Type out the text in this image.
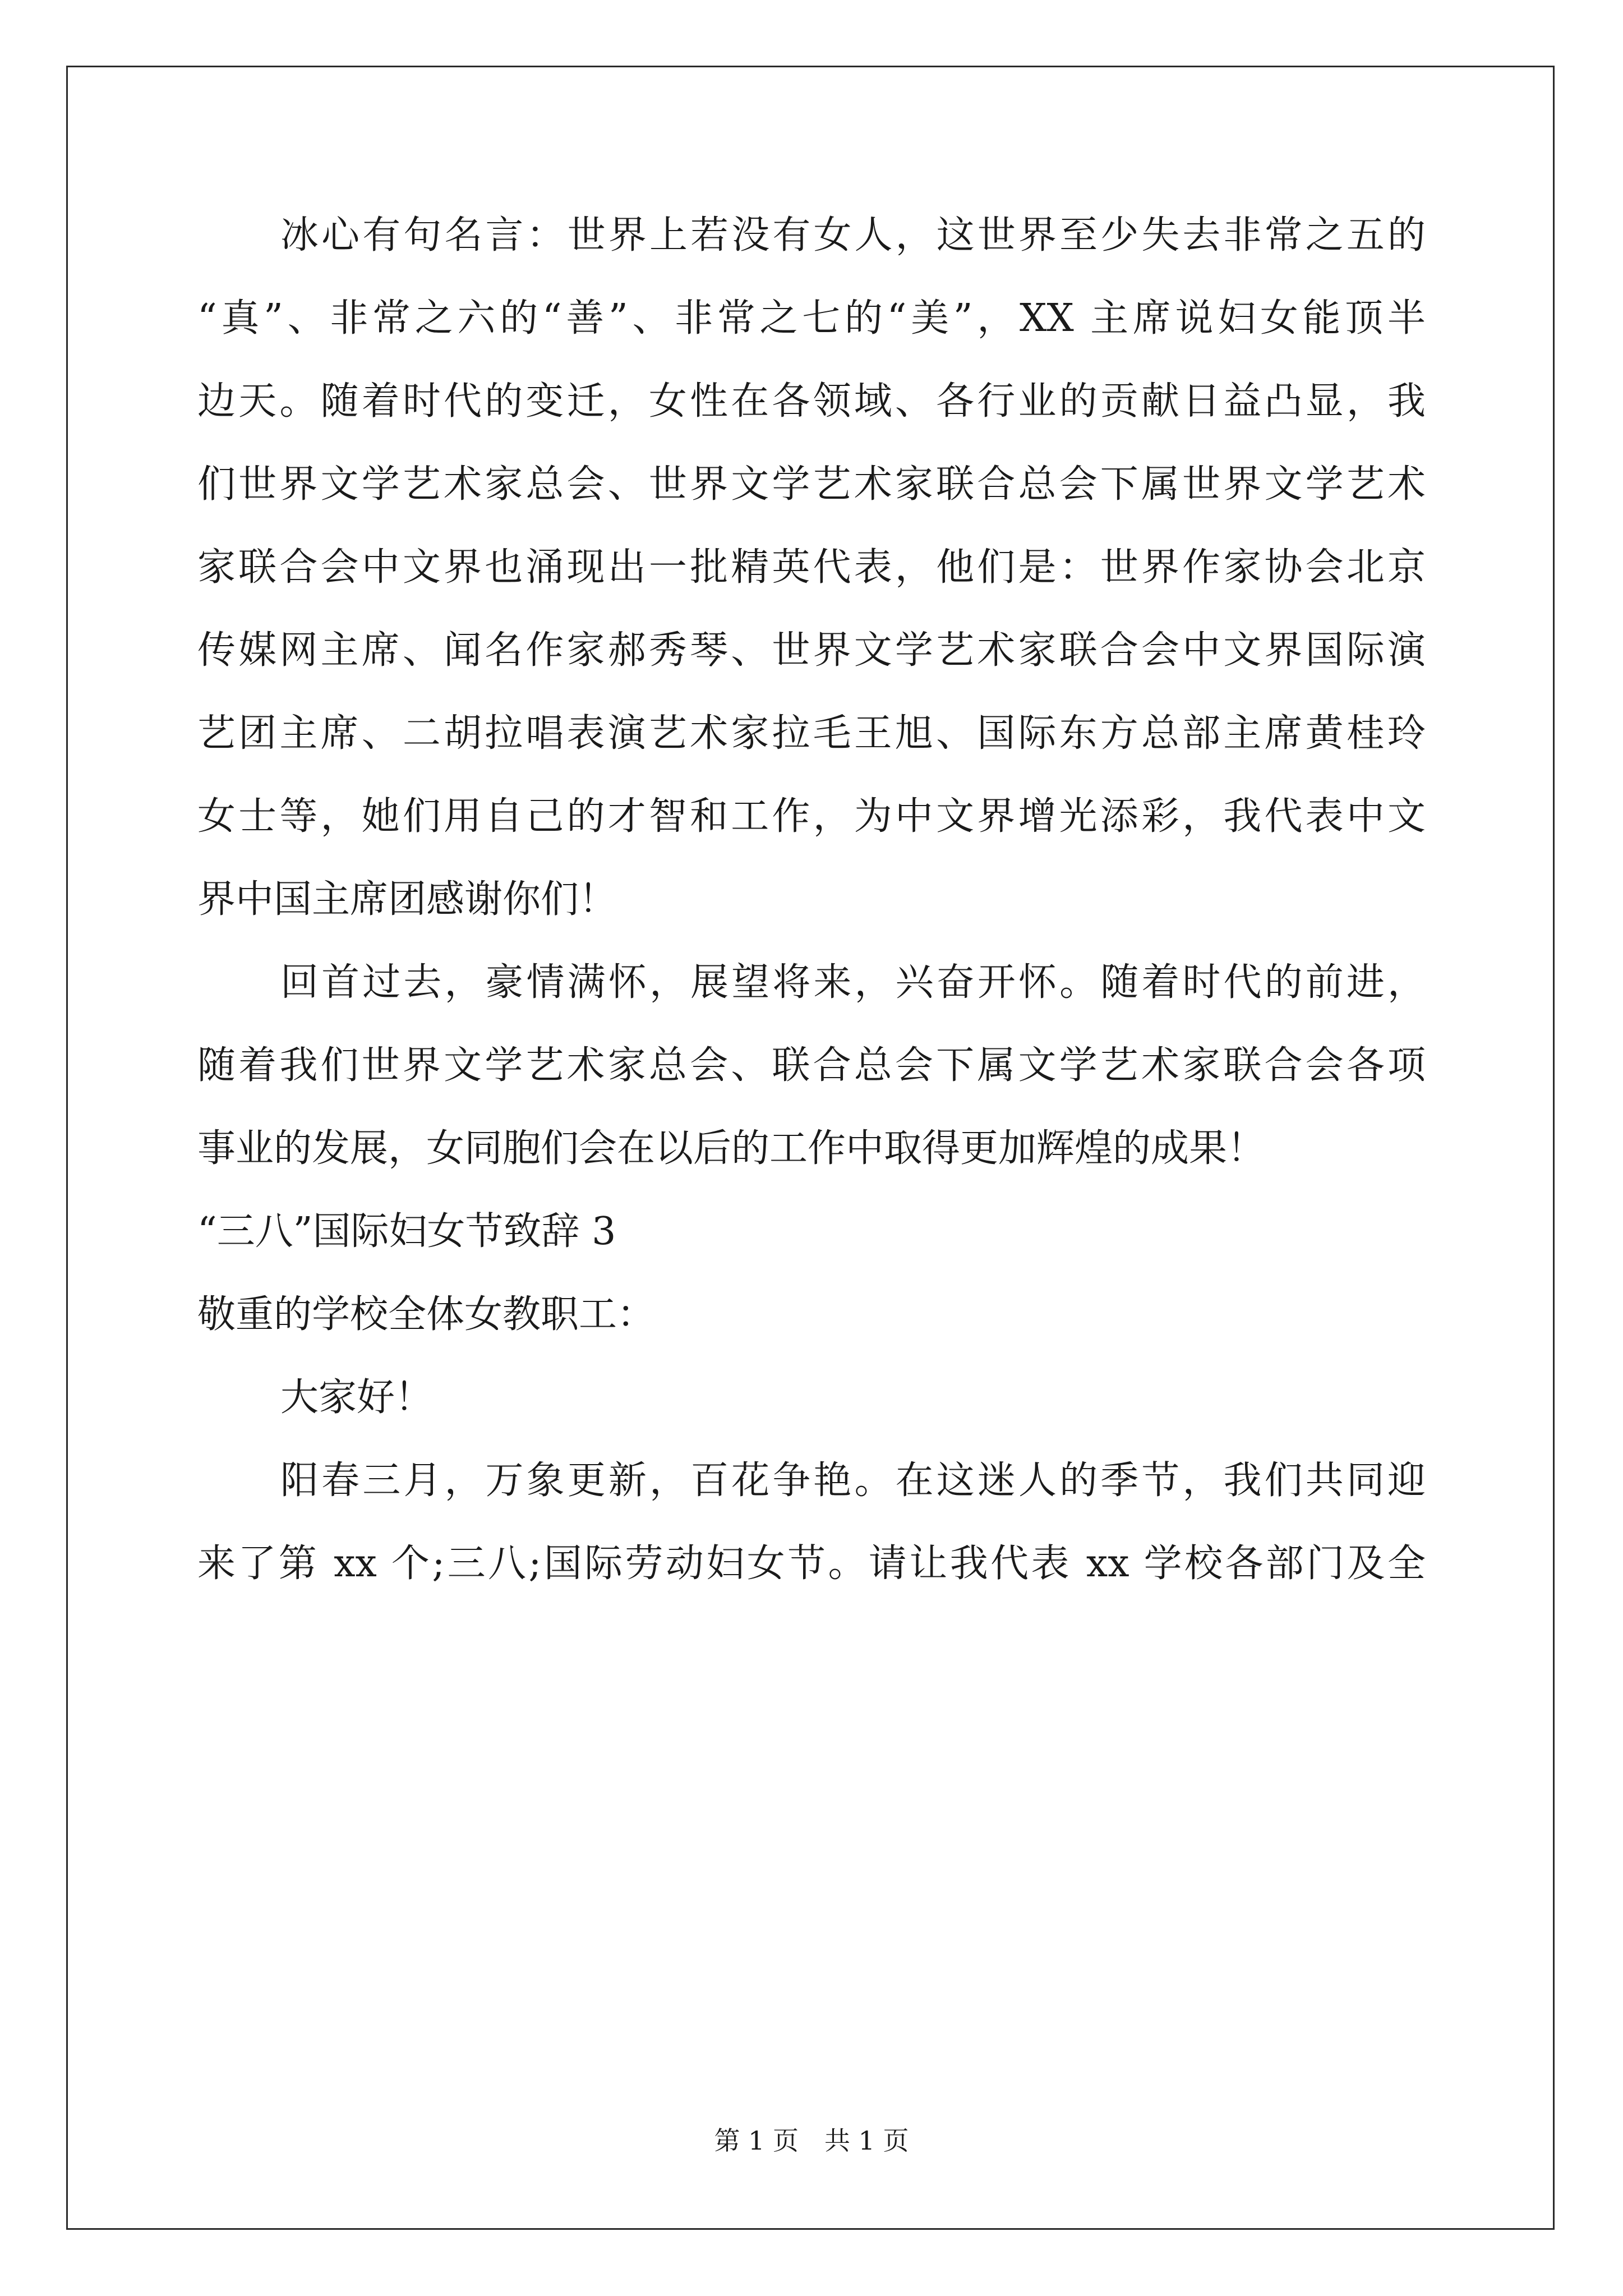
冰心有句名言：世界上若没有女人，这世界至少失去非常之五的
“真”、非常之六的“善”、非常之七的“美”，XX 主席说妇女能顶半
边天。随着时代的变迁，女性在各领域、各行业的贡献日益凸显，我
们世界文学艺术家总会、世界文学艺术家联合总会下属世界文学艺术
家联合会中文界也涌现出一批精英代表，他们是：世界作家协会北京
传媒网主席、闻名作家郝秀琴、世界文学艺术家联合会中文界国际演
艺团主席、二胡拉唱表演艺术家拉毛王旭、国际东方总部主席黄桂玲
女士等，她们用自己的才智和工作，为中文界增光添彩，我代表中文
界中国主席团感谢你们！
回首过去，豪情满怀，展望将来，兴奋开怀。随着时代的前进，
随着我们世界文学艺术家总会、联合总会下属文学艺术家联合会各项
事业的发展，女同胞们会在以后的工作中取得更加辉煌的成果！
“三八”国际妇女节致辞 3
敬重的学校全体女教职工：
大家好！
阳春三月，万象更新，百花争艳。在这迷人的季节，我们共同迎
来了第 xx 个;三八;国际劳动妇女节。请让我代表 xx 学校各部门及全
第 1 页　共 1 页
